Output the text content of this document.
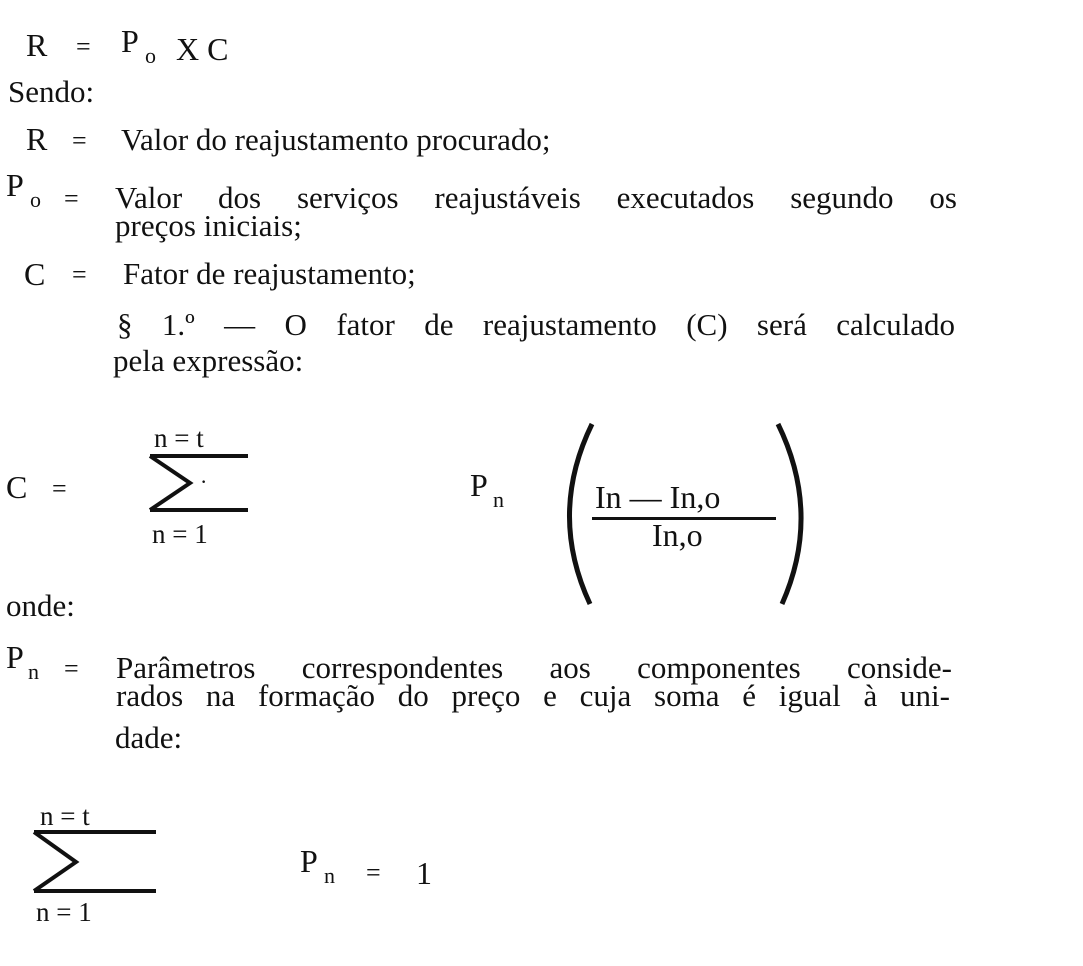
R = P o X C
Sendo:
R = Valor do reajustamento procurado;
P o = Valor dos serviços reajustáveis executados segundo os
preços iniciais;
C = Fator de reajustamento;
§ 1.º — O fator de reajustamento (C) será calculado
pela expressão:
C =
n = t
·
n = 1
P n	In — In,o
In,o
onde:
P n = Parâmetros correspondentes aos componentes conside-
rados na formação do preço e cuja soma é igual à uni-
dade:
n = t
n = 1
P n = 1
